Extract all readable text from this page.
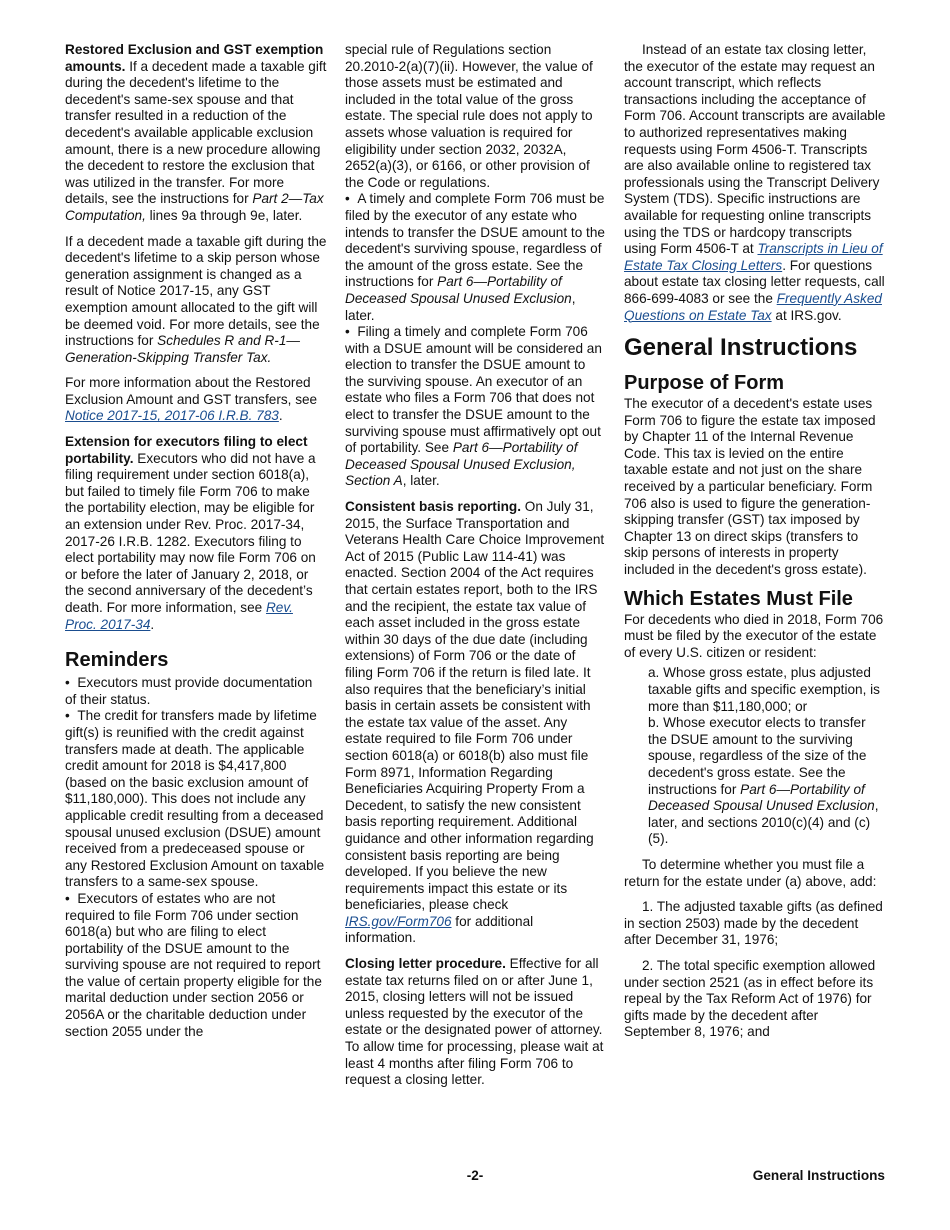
Restored Exclusion and GST exemption amounts. If a decedent made a taxable gift during the decedent's lifetime to the decedent's same-sex spouse and that transfer resulted in a reduction of the decedent's available applicable exclusion amount, there is a new procedure allowing the decedent to restore the exclusion that was utilized in the transfer. For more details, see the instructions for Part 2—Tax Computation, lines 9a through 9e, later.

If a decedent made a taxable gift during the decedent's lifetime to a skip person whose generation assignment is changed as a result of Notice 2017-15, any GST exemption amount allocated to the gift will be deemed void. For more details, see the instructions for Schedules R and R-1—Generation-Skipping Transfer Tax.

For more information about the Restored Exclusion Amount and GST transfers, see Notice 2017-15, 2017-06 I.R.B. 783.

Extension for executors filing to elect portability. Executors who did not have a filing requirement under section 6018(a), but failed to timely file Form 706 to make the portability election, may be eligible for an extension under Rev. Proc. 2017-34, 2017-26 I.R.B. 1282. Executors filing to elect portability may now file Form 706 on or before the later of January 2, 2018, or the second anniversary of the decedent’s death. For more information, see Rev. Proc. 2017-34.

Reminders
•  Executors must provide documentation of their status.
•  The credit for transfers made by lifetime gift(s) is reunified with the credit against transfers made at death. The applicable credit amount for 2018 is $4,417,800 (based on the basic exclusion amount of $11,180,000). This does not include any applicable credit resulting from a deceased spousal unused exclusion (DSUE) amount received from a predeceased spouse or any Restored Exclusion Amount on taxable transfers to a same-sex spouse.
•  Executors of estates who are not required to file Form 706 under section 6018(a) but who are filing to elect portability of the DSUE amount to the surviving spouse are not required to report the value of certain property eligible for the marital deduction under section 2056 or 2056A or the charitable deduction under section 2055 under the
special rule of Regulations section 20.2010-2(a)(7)(ii). However, the value of those assets must be estimated and included in the total value of the gross estate. The special rule does not apply to assets whose valuation is required for eligibility under section 2032, 2032A, 2652(a)(3), or 6166, or other provision of the Code or regulations.
•  A timely and complete Form 706 must be filed by the executor of any estate who intends to transfer the DSUE amount to the decedent's surviving spouse, regardless of the amount of the gross estate. See the instructions for Part 6—Portability of Deceased Spousal Unused Exclusion, later.
•  Filing a timely and complete Form 706 with a DSUE amount will be considered an election to transfer the DSUE amount to the surviving spouse. An executor of an estate who files a Form 706 that does not elect to transfer the DSUE amount to the surviving spouse must affirmatively opt out of portability. See Part 6—Portability of Deceased Spousal Unused Exclusion, Section A, later.

Consistent basis reporting. On July 31, 2015, the Surface Transportation and Veterans Health Care Choice Improvement Act of 2015 (Public Law 114-41) was enacted. Section 2004 of the Act requires that certain estates report, both to the IRS and the recipient, the estate tax value of each asset included in the gross estate within 30 days of the due date (including extensions) of Form 706 or the date of filing Form 706 if the return is filed late. It also requires that the beneficiary’s initial basis in certain assets be consistent with the estate tax value of the asset. Any estate required to file Form 706 under section 6018(a) or 6018(b) also must file Form 8971, Information Regarding Beneficiaries Acquiring Property From a Decedent, to satisfy the new consistent basis reporting requirement. Additional guidance and other information regarding consistent basis reporting are being developed. If you believe the new requirements impact this estate or its beneficiaries, please check IRS.gov/Form706 for additional information.

Closing letter procedure. Effective for all estate tax returns filed on or after June 1, 2015, closing letters will not be issued unless requested by the executor of the estate or the designated power of attorney. To allow time for processing, please wait at least 4 months after filing Form 706 to request a closing letter.

Instead of an estate tax closing letter, the executor of the estate may request an account transcript, which reflects transactions including the acceptance of Form 706. Account transcripts are available to authorized representatives making requests using Form 4506-T. Transcripts are also available online to registered tax professionals using the Transcript Delivery System (TDS). Specific instructions are available for requesting online transcripts using the TDS or hardcopy transcripts using Form 4506-T at Transcripts in Lieu of Estate Tax Closing Letters. For questions about estate tax closing letter requests, call 866-699-4083 or see the Frequently Asked Questions on Estate Tax at IRS.gov.

General Instructions
Purpose of Form

The executor of a decedent's estate uses Form 706 to figure the estate tax imposed by Chapter 11 of the Internal Revenue Code. This tax is levied on the entire taxable estate and not just on the share received by a particular beneficiary. Form 706 also is used to figure the generation-skipping transfer (GST) tax imposed by Chapter 13 on direct skips (transfers to skip persons of interests in property included in the decedent's gross estate).

Which Estates Must File

For decedents who died in 2018, Form 706 must be filed by the executor of the estate of every U.S. citizen or resident:

a. Whose gross estate, plus adjusted taxable gifts and specific exemption, is more than $11,180,000; or
b. Whose executor elects to transfer the DSUE amount to the surviving spouse, regardless of the size of the decedent's gross estate. See the instructions for Part 6—Portability of Deceased Spousal Unused Exclusion, later, and sections 2010(c)(4) and (c)(5).

To determine whether you must file a return for the estate under (a) above, add:

1. The adjusted taxable gifts (as defined in section 2503) made by the decedent after December 31, 1976;

2. The total specific exemption allowed under section 2521 (as in effect before its repeal by the Tax Reform Act of 1976) for gifts made by the decedent after September 8, 1976; and

-2-	General Instructions
